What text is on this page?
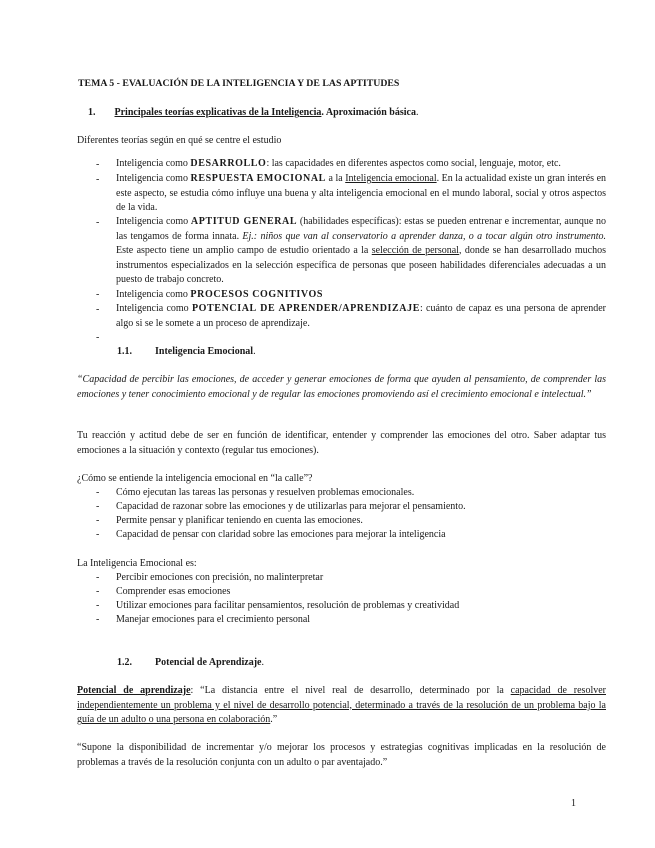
TEMA 5 - EVALUACIÓN DE LA INTELIGENCIA Y DE LAS APTITUDES
1. Principales teorías explicativas de la Inteligencia. Aproximación básica.
Diferentes teorías según en qué se centre el estudio
- Inteligencia como DESARROLLO: las capacidades en diferentes aspectos como social, lenguaje, motor, etc.
- Inteligencia como RESPUESTA EMOCIONAL a la Inteligencia emocional. En la actualidad existe un gran interés en este aspecto, se estudia cómo influye una buena y alta inteligencia emocional en el mundo laboral, social y otros aspectos de la vida.
- Inteligencia como APTITUD GENERAL (habilidades específicas): estas se pueden entrenar e incrementar, aunque no las tengamos de forma innata. Ej.: niños que van al conservatorio a aprender danza, o a tocar algún otro instrumento. Este aspecto tiene un amplio campo de estudio orientado a la selección de personal, donde se han desarrollado muchos instrumentos especializados en la selección específica de personas que poseen habilidades diferenciales adecuadas a un puesto de trabajo concreto.
- Inteligencia como PROCESOS COGNITIVOS
- Inteligencia como POTENCIAL DE APRENDER/APRENDIZAJE: cuánto de capaz es una persona de aprender algo si se le somete a un proceso de aprendizaje.
-
1.1. Inteligencia Emocional.
“Capacidad de percibir las emociones, de acceder y generar emociones de forma que ayuden al pensamiento, de comprender las emociones y tener conocimiento emocional y de regular las emociones promoviendo así el crecimiento emocional e intelectual.”
Tu reacción y actitud debe de ser en función de identificar, entender y comprender las emociones del otro. Saber adaptar tus emociones a la situación y contexto (regular tus emociones).
¿Cómo se entiende la inteligencia emocional en “la calle”?
- Cómo ejecutan las tareas las personas y resuelven problemas emocionales.
- Capacidad de razonar sobre las emociones y de utilizarlas para mejorar el pensamiento.
- Permite pensar y planificar teniendo en cuenta las emociones.
- Capacidad de pensar con claridad sobre las emociones para mejorar la inteligencia
La Inteligencia Emocional es:
- Percibir emociones con precisión, no malinterpretar
- Comprender esas emociones
- Utilizar emociones para facilitar pensamientos, resolución de problemas y creatividad
- Manejar emociones para el crecimiento personal
1.2. Potencial de Aprendizaje.
Potencial de aprendizaje: “La distancia entre el nivel real de desarrollo, determinado por la capacidad de resolver independientemente un problema y el nivel de desarrollo potencial, determinado a través de la resolución de un problema bajo la guía de un adulto o una persona en colaboración.”
“Supone la disponibilidad de incrementar y/o mejorar los procesos y estrategias cognitivas implicadas en la resolución de problemas a través de la resolución conjunta con un adulto o par aventajado.”
1
